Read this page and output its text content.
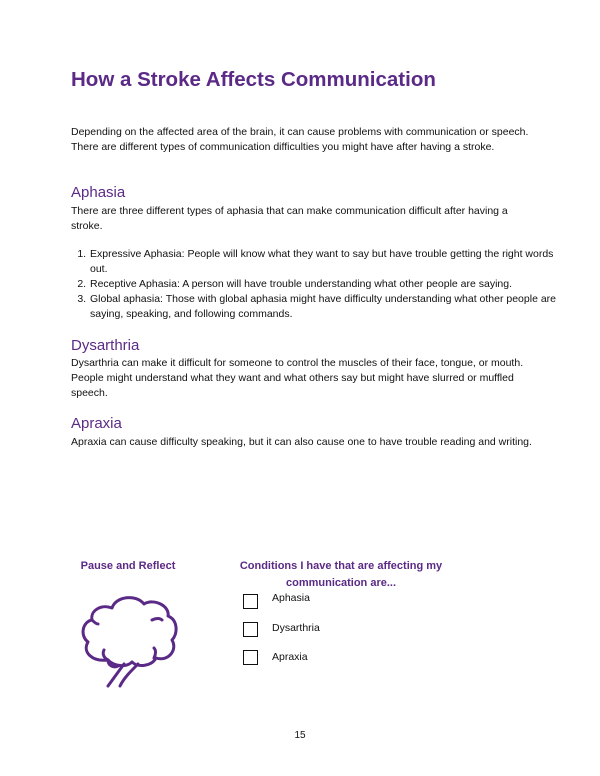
How a Stroke Affects Communication

Depending on the affected area of the brain, it can cause problems with communication or speech. There are different types of communication difficulties you might have after having a stroke.

Aphasia

There are three different types of aphasia that can make communication difficult after having a stroke.

1. Expressive Aphasia: People will know what they want to say but have trouble getting the right words out.
2. Receptive Aphasia: A person will have trouble understanding what other people are saying.
3. Global aphasia: Those with global aphasia might have difficulty understanding what other people are saying, speaking, and following commands.
Dysarthria

Dysarthria can make it difficult for someone to control the muscles of their face, tongue, or mouth. People might understand what they want and what others say but might have slurred or muffled speech.

Apraxia

Apraxia can cause difficulty speaking, but it can also cause one to have trouble reading and writing.

Pause and Reflect	Conditions I have that are affecting my communication are...
Aphasia
Dysarthria
Apraxia
15
